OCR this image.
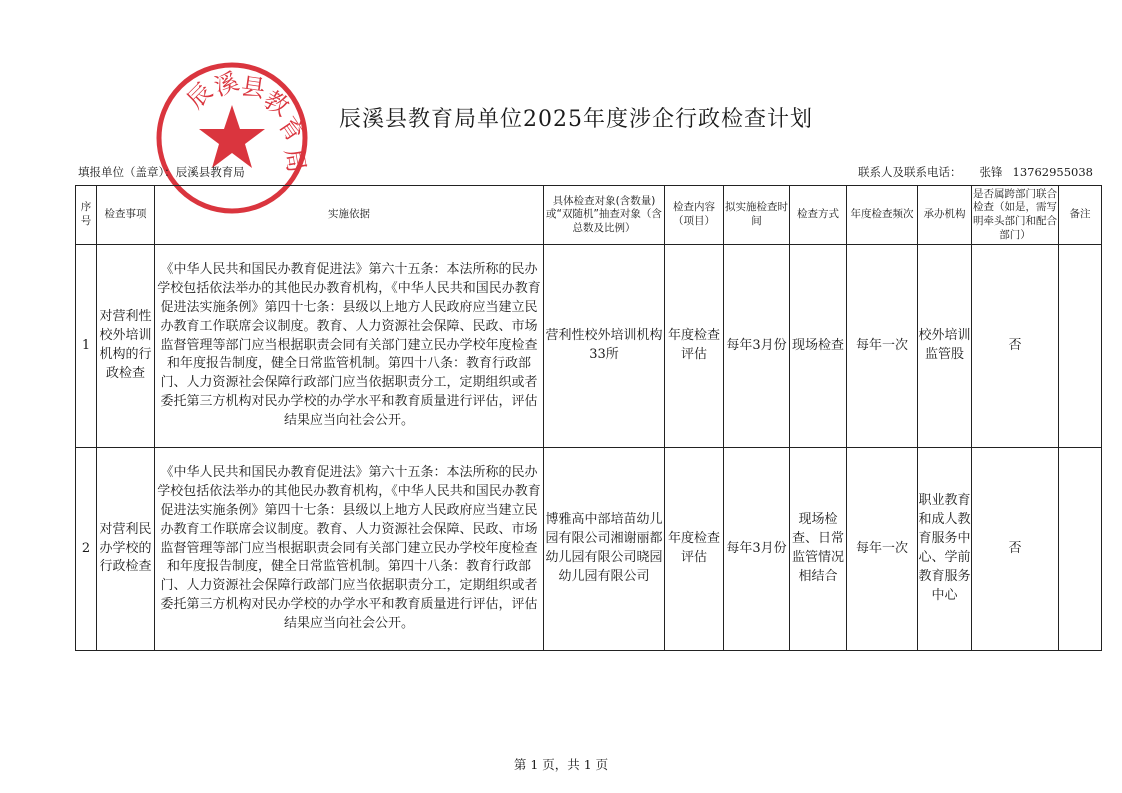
辰
溪
县
教
育
局
辰溪县教育局单位2025年度涉企行政检查计划
填报单位（盖章）：辰溪县教育局	联系人及联系电话： 张锋 13762955038
序号	检查事项	实施依据	具体检查对象(含数量)或“双随机”抽查对象（含总数及比例）	检查内容（项目）	拟实施检查时间	检查方式	年度检查频次	承办机构	是否属跨部门联合检查（如是，需写明牵头部门和配合部门）	备注
1	对营利性校外培训机构的行政检查	《中华人民共和国民办教育促进法》第六十五条：本法所称的民办学校包括依法举办的其他民办教育机构，《中华人民共和国民办教育促进法实施条例》第四十七条：县级以上地方人民政府应当建立民办教育工作联席会议制度。教育、人力资源社会保障、民政、市场监督管理等部门应当根据职责会同有关部门建立民办学校年度检查和年度报告制度，健全日常监管机制。第四十八条：教育行政部门、人力资源社会保障行政部门应当依据职责分工，定期组织或者委托第三方机构对民办学校的办学水平和教育质量进行评估，评估结果应当向社会公开。	营利性校外培训机构33所	年度检查评估	每年3月份	现场检查	每年一次	校外培训监管股	否	
2	对营利民办学校的行政检查	《中华人民共和国民办教育促进法》第六十五条：本法所称的民办学校包括依法举办的其他民办教育机构，《中华人民共和国民办教育促进法实施条例》第四十七条：县级以上地方人民政府应当建立民办教育工作联席会议制度。教育、人力资源社会保障、民政、市场监督管理等部门应当根据职责会同有关部门建立民办学校年度检查和年度报告制度，健全日常监管机制。第四十八条：教育行政部门、人力资源社会保障行政部门应当依据职责分工，定期组织或者委托第三方机构对民办学校的办学水平和教育质量进行评估，评估结果应当向社会公开。	博雅高中部培苗幼儿园有限公司湘谢丽都幼儿园有限公司晓园幼儿园有限公司	年度检查评估	每年3月份	现场检查、日常监管情况相结合	每年一次	职业教育和成人教育服务中心、学前教育服务中心	否	
第 1 页，共 1 页
